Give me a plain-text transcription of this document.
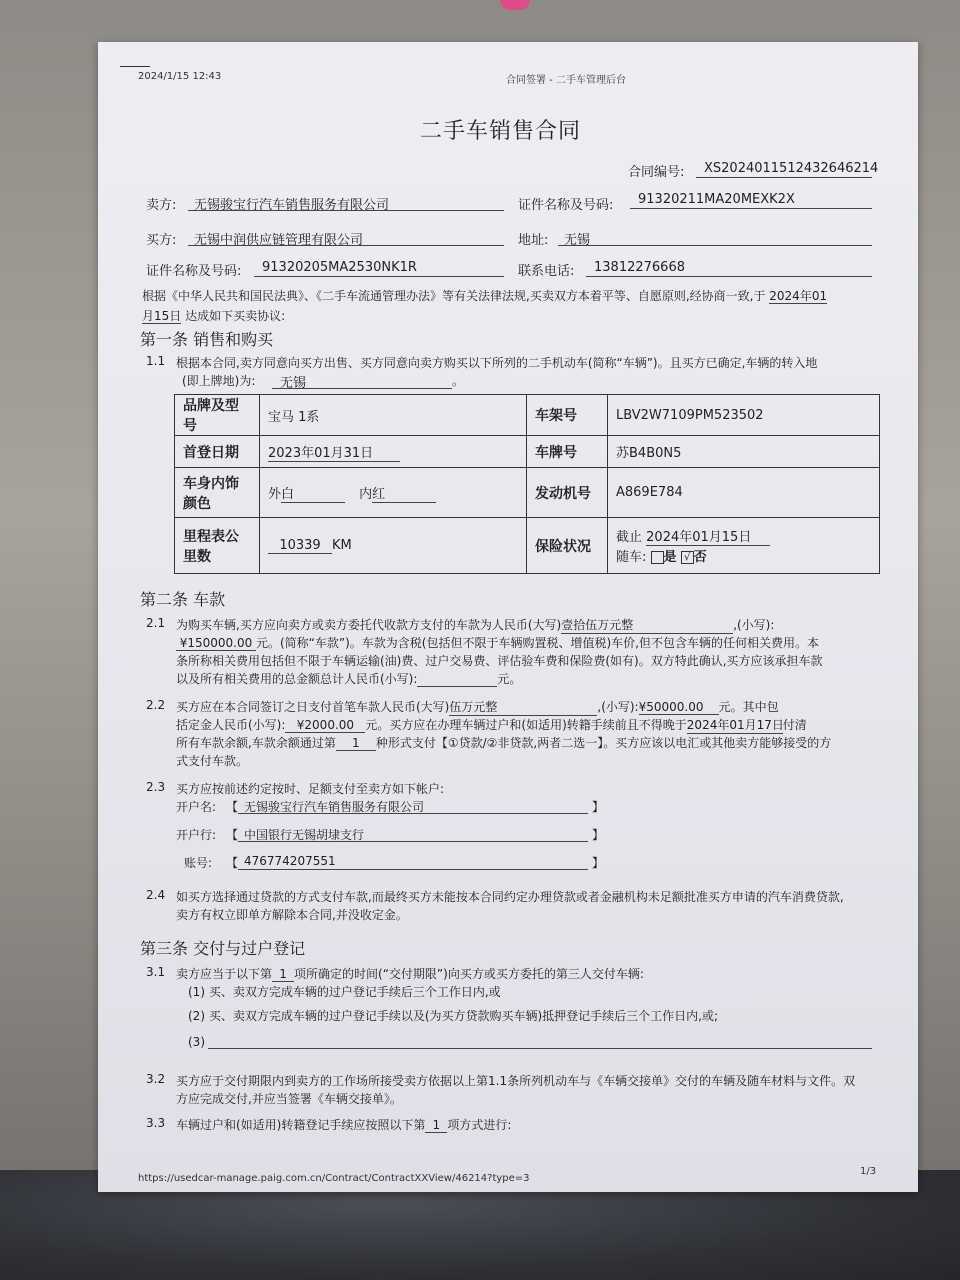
2024/1/15 12:43	合同签署 - 二手车管理后台
二手车销售合同
合同编号: XS2024011512432646214
卖方: 无锡骏宝行汽车销售服务有限公司	证件名称及号码: 91320211MA20MEXK2X
买方: 无锡中润供应链管理有限公司	地址: 无锡
证件名称及号码: 91320205MA2530NK1R	联系电话: 13812276668
根据《中华人民共和国民法典》、《二手车流通管理办法》等有关法律法规,买卖双方本着平等、自愿原则,经协商一致,于 2024年01
月15日 达成如下买卖协议:
第一条 销售和购买
1.1 根据本合同,卖方同意向买方出售、买方同意向卖方购买以下所列的二手机动车(简称“车辆”)。且买方已确定,车辆的转入地
(即上牌地)为: 无锡	。
品牌及型号	宝马 1系	车架号	LBV2W7109PM523502
首登日期	2023年01月31日	车牌号	苏B4B0N5
车身内饰颜色	外白 内红	发动机号	A869E784
里程表公里数	10339 KM	保险状况	截止 2024年01月15日
随车: 是 √ 否
第二条 车款
2.1 为购买车辆,买方应向卖方或卖方委托代收款方支付的车款为人民币(大写)壹拾伍万元整	,(小写):
¥150000.00 元。(简称“车款”)。车款为含税(包括但不限于车辆购置税、增值税)车价,但不包含车辆的任何相关费用。本
条所称相关费用包括但不限于车辆运输(油)费、过户交易费、评估验车费和保险费(如有)。双方特此确认,买方应该承担车款
以及所有相关费用的总金额总计人民币(小写):	元。
2.2 买方应在本合同签订之日支付首笔车款人民币(大写)伍万元整	,(小写):¥50000.00 元。其中包
括定金人民币(小写): ¥2000.00 元。买方应在办理车辆过户和(如适用)转籍手续前且不得晚于2024年01月17日付清
所有车款余额,车款余额通过第 1 种形式支付【①贷款/②非贷款,两者二选一】。买方应该以电汇或其他卖方能够接受的方
式支付车款。
2.3 买方应按前述约定按时、足额支付至卖方如下帐户:
开户名: 【 无锡骏宝行汽车销售服务有限公司	】
开户行: 【 中国银行无锡胡埭支行	】
账号: 【 476774207551	】
2.4 如买方选择通过贷款的方式支付车款,而最终买方未能按本合同约定办理贷款或者金融机构未足额批准买方申请的汽车消费贷款,
卖方有权立即单方解除本合同,并没收定金。
第三条 交付与过户登记
3.1 卖方应当于以下第 1 项所确定的时间(“交付期限”)向买方或买方委托的第三人交付车辆:
(1) 买、卖双方完成车辆的过户登记手续后三个工作日内,或
(2) 买、卖双方完成车辆的过户登记手续以及(为买方贷款购买车辆)抵押登记手续后三个工作日内,或;
(3)
3.2 买方应于交付期限内到卖方的工作场所接受卖方依据以上第1.1条所列机动车与《车辆交接单》交付的车辆及随车材料与文件。双
方应完成交付,并应当签署《车辆交接单》。
3.3 车辆过户和(如适用)转籍登记手续应按照以下第 1 项方式进行:
https://usedcar-manage.paig.com.cn/Contract/ContractXXView/46214?type=3
1/3
